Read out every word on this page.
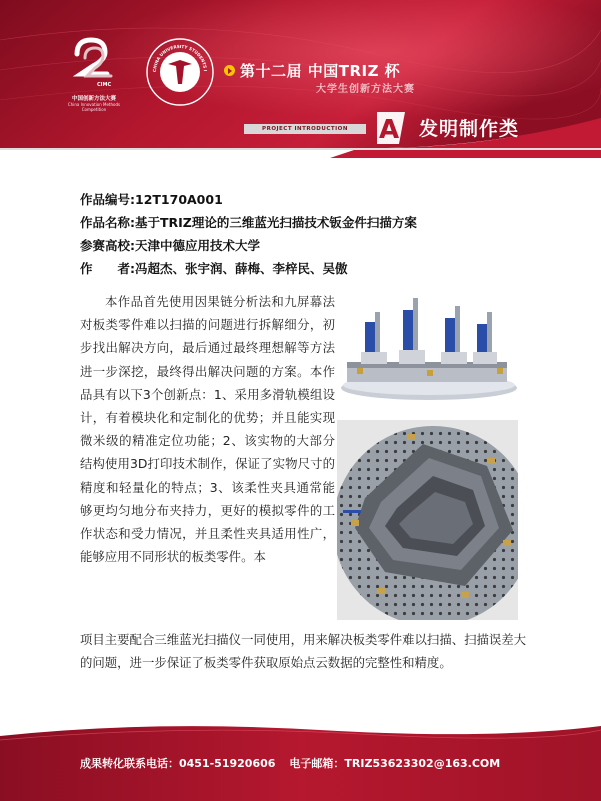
CIMC
中国创新方法大赛
China Innovation Methods Competition
CHINA UNIVERSITY STUDENTS I	第十二届 中国TRIZ 杯
大学生创新方法大赛
PROJECT INTRODUCTION	A 发明制作类
作品编号:12T170A001
作品名称:基于TRIZ理论的三维蓝光扫描技术钣金件扫描方案
参赛高校:天津中德应用技术大学
作　　者:冯超杰、张宇润、薛梅、李梓民、吴傲
本作品首先使用因果链分析法和九屏幕法对板类零件难以扫描的问题进行拆解细分，初步找出解决方向，最后通过最终理想解等方法进一步深挖，最终得出解决问题的方案。本作品具有以下3个创新点：1、采用多滑轨模组设计，有着模块化和定制化的优势；并且能实现微米级的精准定位功能；2、该实物的大部分结构使用3D打印技术制作，保证了实物尺寸的精度和轻量化的特点；3、该柔性夹具通常能够更均匀地分布夹持力，更好的模拟零件的工作状态和受力情况，并且柔性夹具适用性广，能够应用不同形状的板类零件。本
项目主要配合三维蓝光扫描仪一同使用，用来解决板类零件难以扫描、扫描误差大的问题，进一步保证了板类零件获取原始点云数据的完整性和精度。
成果转化联系电话：0451-51920606 电子邮箱：TRIZ53623302@163.COM
